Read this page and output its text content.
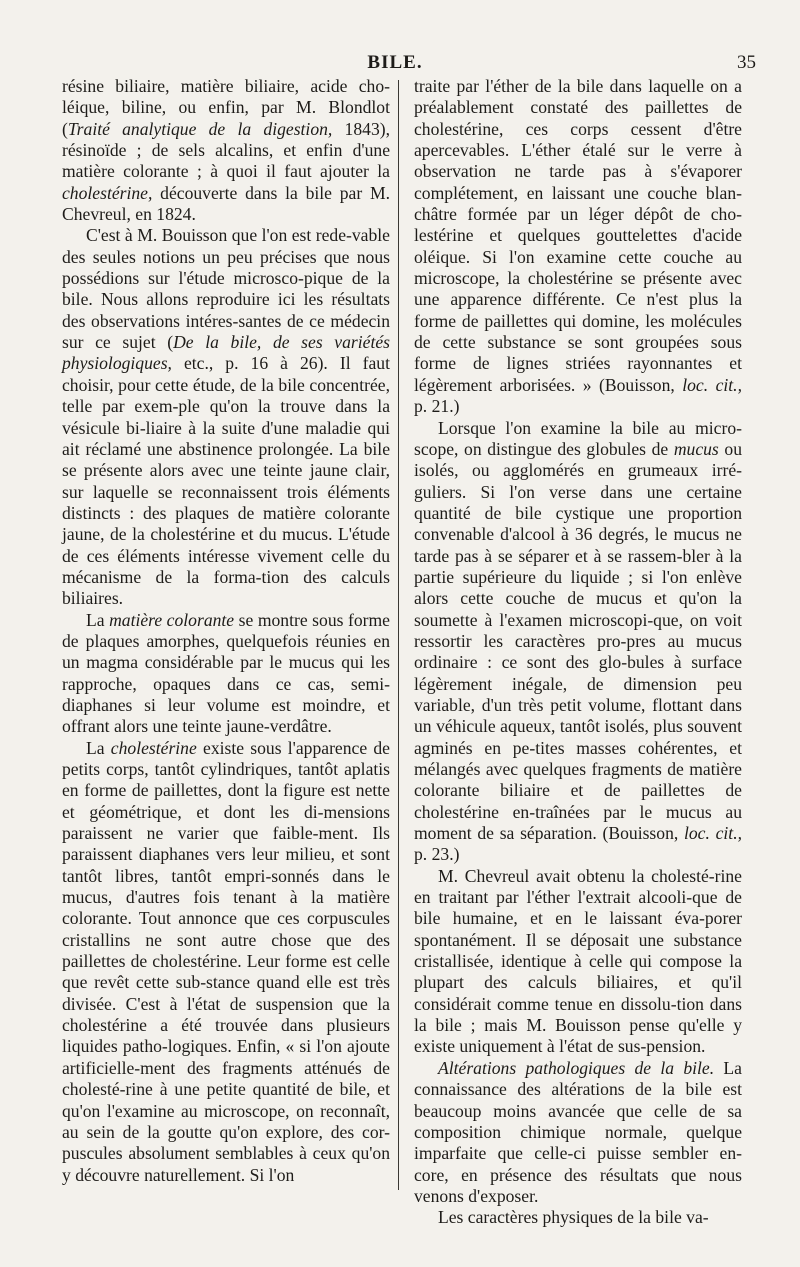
BILE.	35

résine biliaire, matière biliaire, acide cho-léique, biline, ou enfin, par M. Blondlot (Traité analytique de la digestion, 1843), résinoïde ; de sels alcalins, et enfin d'une matière colorante ; à quoi il faut ajouter la cholestérine, découverte dans la bile par M. Chevreul, en 1824.

C'est à M. Bouisson que l'on est rede-vable des seules notions un peu précises que nous possédions sur l'étude microsco-pique de la bile. Nous allons reproduire ici les résultats des observations intéres-santes de ce médecin sur ce sujet (De la bile, de ses variétés physiologiques, etc., p. 16 à 26). Il faut choisir, pour cette étude, de la bile concentrée, telle par exem-ple qu'on la trouve dans la vésicule bi-liaire à la suite d'une maladie qui ait réclamé une abstinence prolongée. La bile se présente alors avec une teinte jaune clair, sur laquelle se reconnaissent trois éléments distincts : des plaques de matière colorante jaune, de la cholestérine et du mucus. L'étude de ces éléments intéresse vivement celle du mécanisme de la forma-tion des calculs biliaires.

La matière colorante se montre sous forme de plaques amorphes, quelquefois réunies en un magma considérable par le mucus qui les rapproche, opaques dans ce cas, semi-diaphanes si leur volume est moindre, et offrant alors une teinte jaune-verdâtre.

La cholestérine existe sous l'apparence de petits corps, tantôt cylindriques, tantôt aplatis en forme de paillettes, dont la figure est nette et géométrique, et dont les di-mensions paraissent ne varier que faible-ment. Ils paraissent diaphanes vers leur milieu, et sont tantôt libres, tantôt empri-sonnés dans le mucus, d'autres fois tenant à la matière colorante. Tout annonce que ces corpuscules cristallins ne sont autre chose que des paillettes de cholestérine. Leur forme est celle que revêt cette sub-stance quand elle est très divisée. C'est à l'état de suspension que la cholestérine a été trouvée dans plusieurs liquides patho-logiques. Enfin, « si l'on ajoute artificielle-ment des fragments atténués de cholesté-rine à une petite quantité de bile, et qu'on l'examine au microscope, on reconnaît, au sein de la goutte qu'on explore, des cor-puscules absolument semblables à ceux qu'on y découvre naturellement. Si l'on

traite par l'éther de la bile dans laquelle on a préalablement constaté des paillettes de cholestérine, ces corps cessent d'être apercevables. L'éther étalé sur le verre à observation ne tarde pas à s'évaporer complétement, en laissant une couche blan-châtre formée par un léger dépôt de cho-lestérine et quelques gouttelettes d'acide oléique. Si l'on examine cette couche au microscope, la cholestérine se présente avec une apparence différente. Ce n'est plus la forme de paillettes qui domine, les molécules de cette substance se sont groupées sous forme de lignes striées rayonnantes et légèrement arborisées. » (Bouisson, loc. cit., p. 21.)

Lorsque l'on examine la bile au micro-scope, on distingue des globules de mucus ou isolés, ou agglomérés en grumeaux irré-guliers. Si l'on verse dans une certaine quantité de bile cystique une proportion convenable d'alcool à 36 degrés, le mucus ne tarde pas à se séparer et à se rassem-bler à la partie supérieure du liquide ; si l'on enlève alors cette couche de mucus et qu'on la soumette à l'examen microscopi-que, on voit ressortir les caractères pro-pres au mucus ordinaire : ce sont des glo-bules à surface légèrement inégale, de dimension peu variable, d'un très petit volume, flottant dans un véhicule aqueux, tantôt isolés, plus souvent agminés en pe-tites masses cohérentes, et mélangés avec quelques fragments de matière colorante biliaire et de paillettes de cholestérine en-traînées par le mucus au moment de sa séparation. (Bouisson, loc. cit., p. 23.)

M. Chevreul avait obtenu la cholesté-rine en traitant par l'éther l'extrait alcooli-que de bile humaine, et en le laissant éva-porer spontanément. Il se déposait une substance cristallisée, identique à celle qui compose la plupart des calculs biliaires, et qu'il considérait comme tenue en dissolu-tion dans la bile ; mais M. Bouisson pense qu'elle y existe uniquement à l'état de sus-pension.

Altérations pathologiques de la bile. La connaissance des altérations de la bile est beaucoup moins avancée que celle de sa composition chimique normale, quelque imparfaite que celle-ci puisse sembler en-core, en présence des résultats que nous venons d'exposer.

Les caractères physiques de la bile va-
